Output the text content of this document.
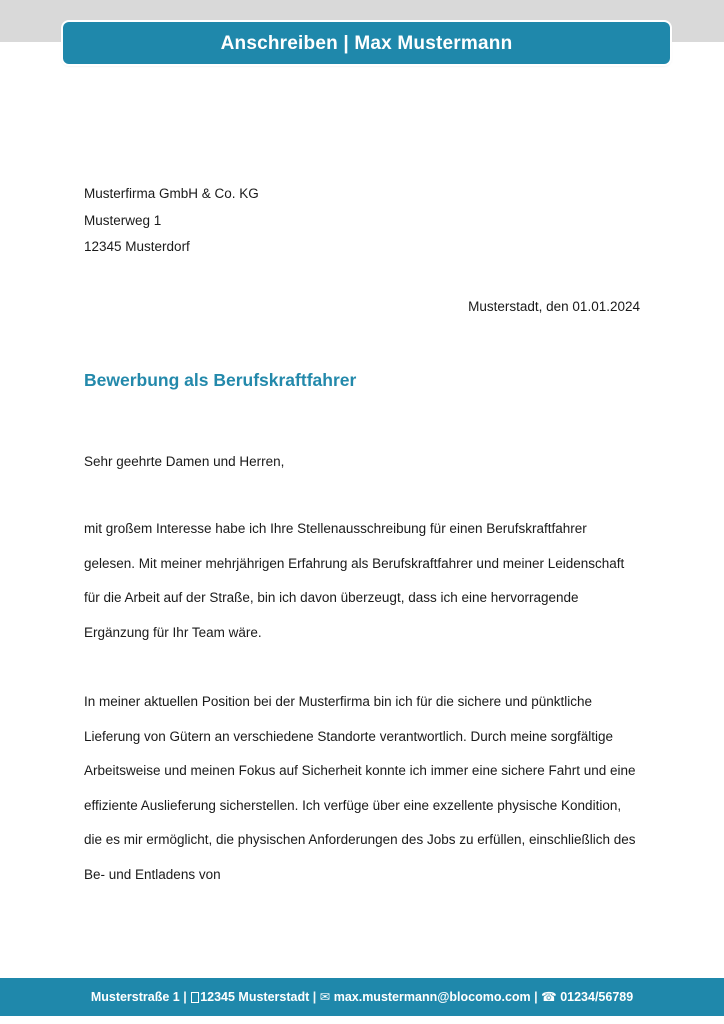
Anschreiben | Max Mustermann
Musterfirma GmbH & Co. KG
Musterweg 1
12345 Musterdorf
Musterstadt, den 01.01.2024
Bewerbung als Berufskraftfahrer
Sehr geehrte Damen und Herren,

mit großem Interesse habe ich Ihre Stellenausschreibung für einen Berufskraftfahrer gelesen. Mit meiner mehrjährigen Erfahrung als Berufskraftfahrer und meiner Leidenschaft für die Arbeit auf der Straße, bin ich davon überzeugt, dass ich eine hervorragende Ergänzung für Ihr Team wäre.

In meiner aktuellen Position bei der Musterfirma bin ich für die sichere und pünktliche Lieferung von Gütern an verschiedene Standorte verantwortlich. Durch meine sorgfältige Arbeitsweise und meinen Fokus auf Sicherheit konnte ich immer eine sichere Fahrt und eine effiziente Auslieferung sicherstellen. Ich verfüge über eine exzellente physische Kondition, die es mir ermöglicht, die physischen Anforderungen des Jobs zu erfüllen, einschließlich des Be- und Entladens von

Musterstraße 1 | 12345 Musterstadt | ✉
max.mustermann@blocomo.com | ☎
01234/56789
